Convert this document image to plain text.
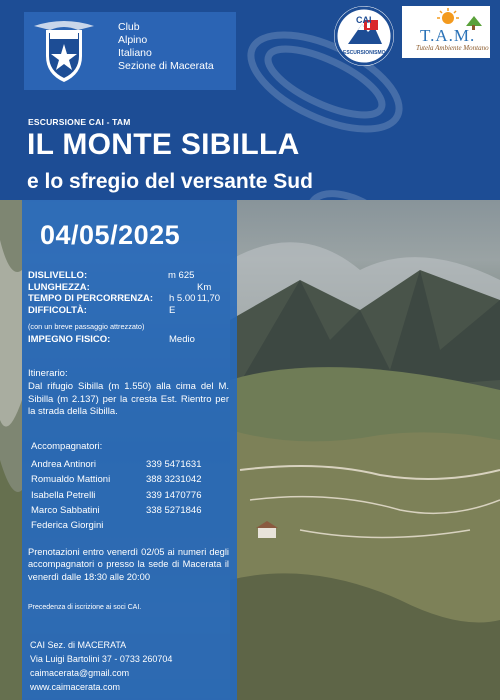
Club
Alpino
Italiano
Sezione di Macerata
CAI
ESCURSIONISMO
T.A.M.
Tutela Ambiente Montano
ESCURSIONE CAI - TAM
IL MONTE SIBILLA
e lo sfregio del versante Sud
04/05/2025
DISLIVELLO:	m 625
LUNGHEZZA:	Km 11,70
TEMPO DI PERCORRENZA: h 5.00
DIFFICOLTÀ:	E
(con un breve passaggio attrezzato)
IMPEGNO FISICO:	Medio
Itinerario:
Dal rifugio Sibilla (m 1.550) alla cima del M. Sibilla (m 2.137) per la cresta Est. Rientro per la strada della Sibilla.
Accompagnatori:
Andrea Antinori	339 5471631
Romualdo Mattioni	388 3231042
Isabella Petrelli	339 1470776
Marco Sabbatini	338 5271846
Federica Giorgini
Prenotazioni entro venerdì 02/05 ai numeri degli accompagnatori o presso la sede di Macerata il venerdì dalle 18:30 alle 20:00
Precedenza di iscrizione ai soci CAI.
CAI Sez. di MACERATA
Via Luigi Bartolini 37 - 0733 260704
caimacerata@gmail.com
www.caimacerata.com
